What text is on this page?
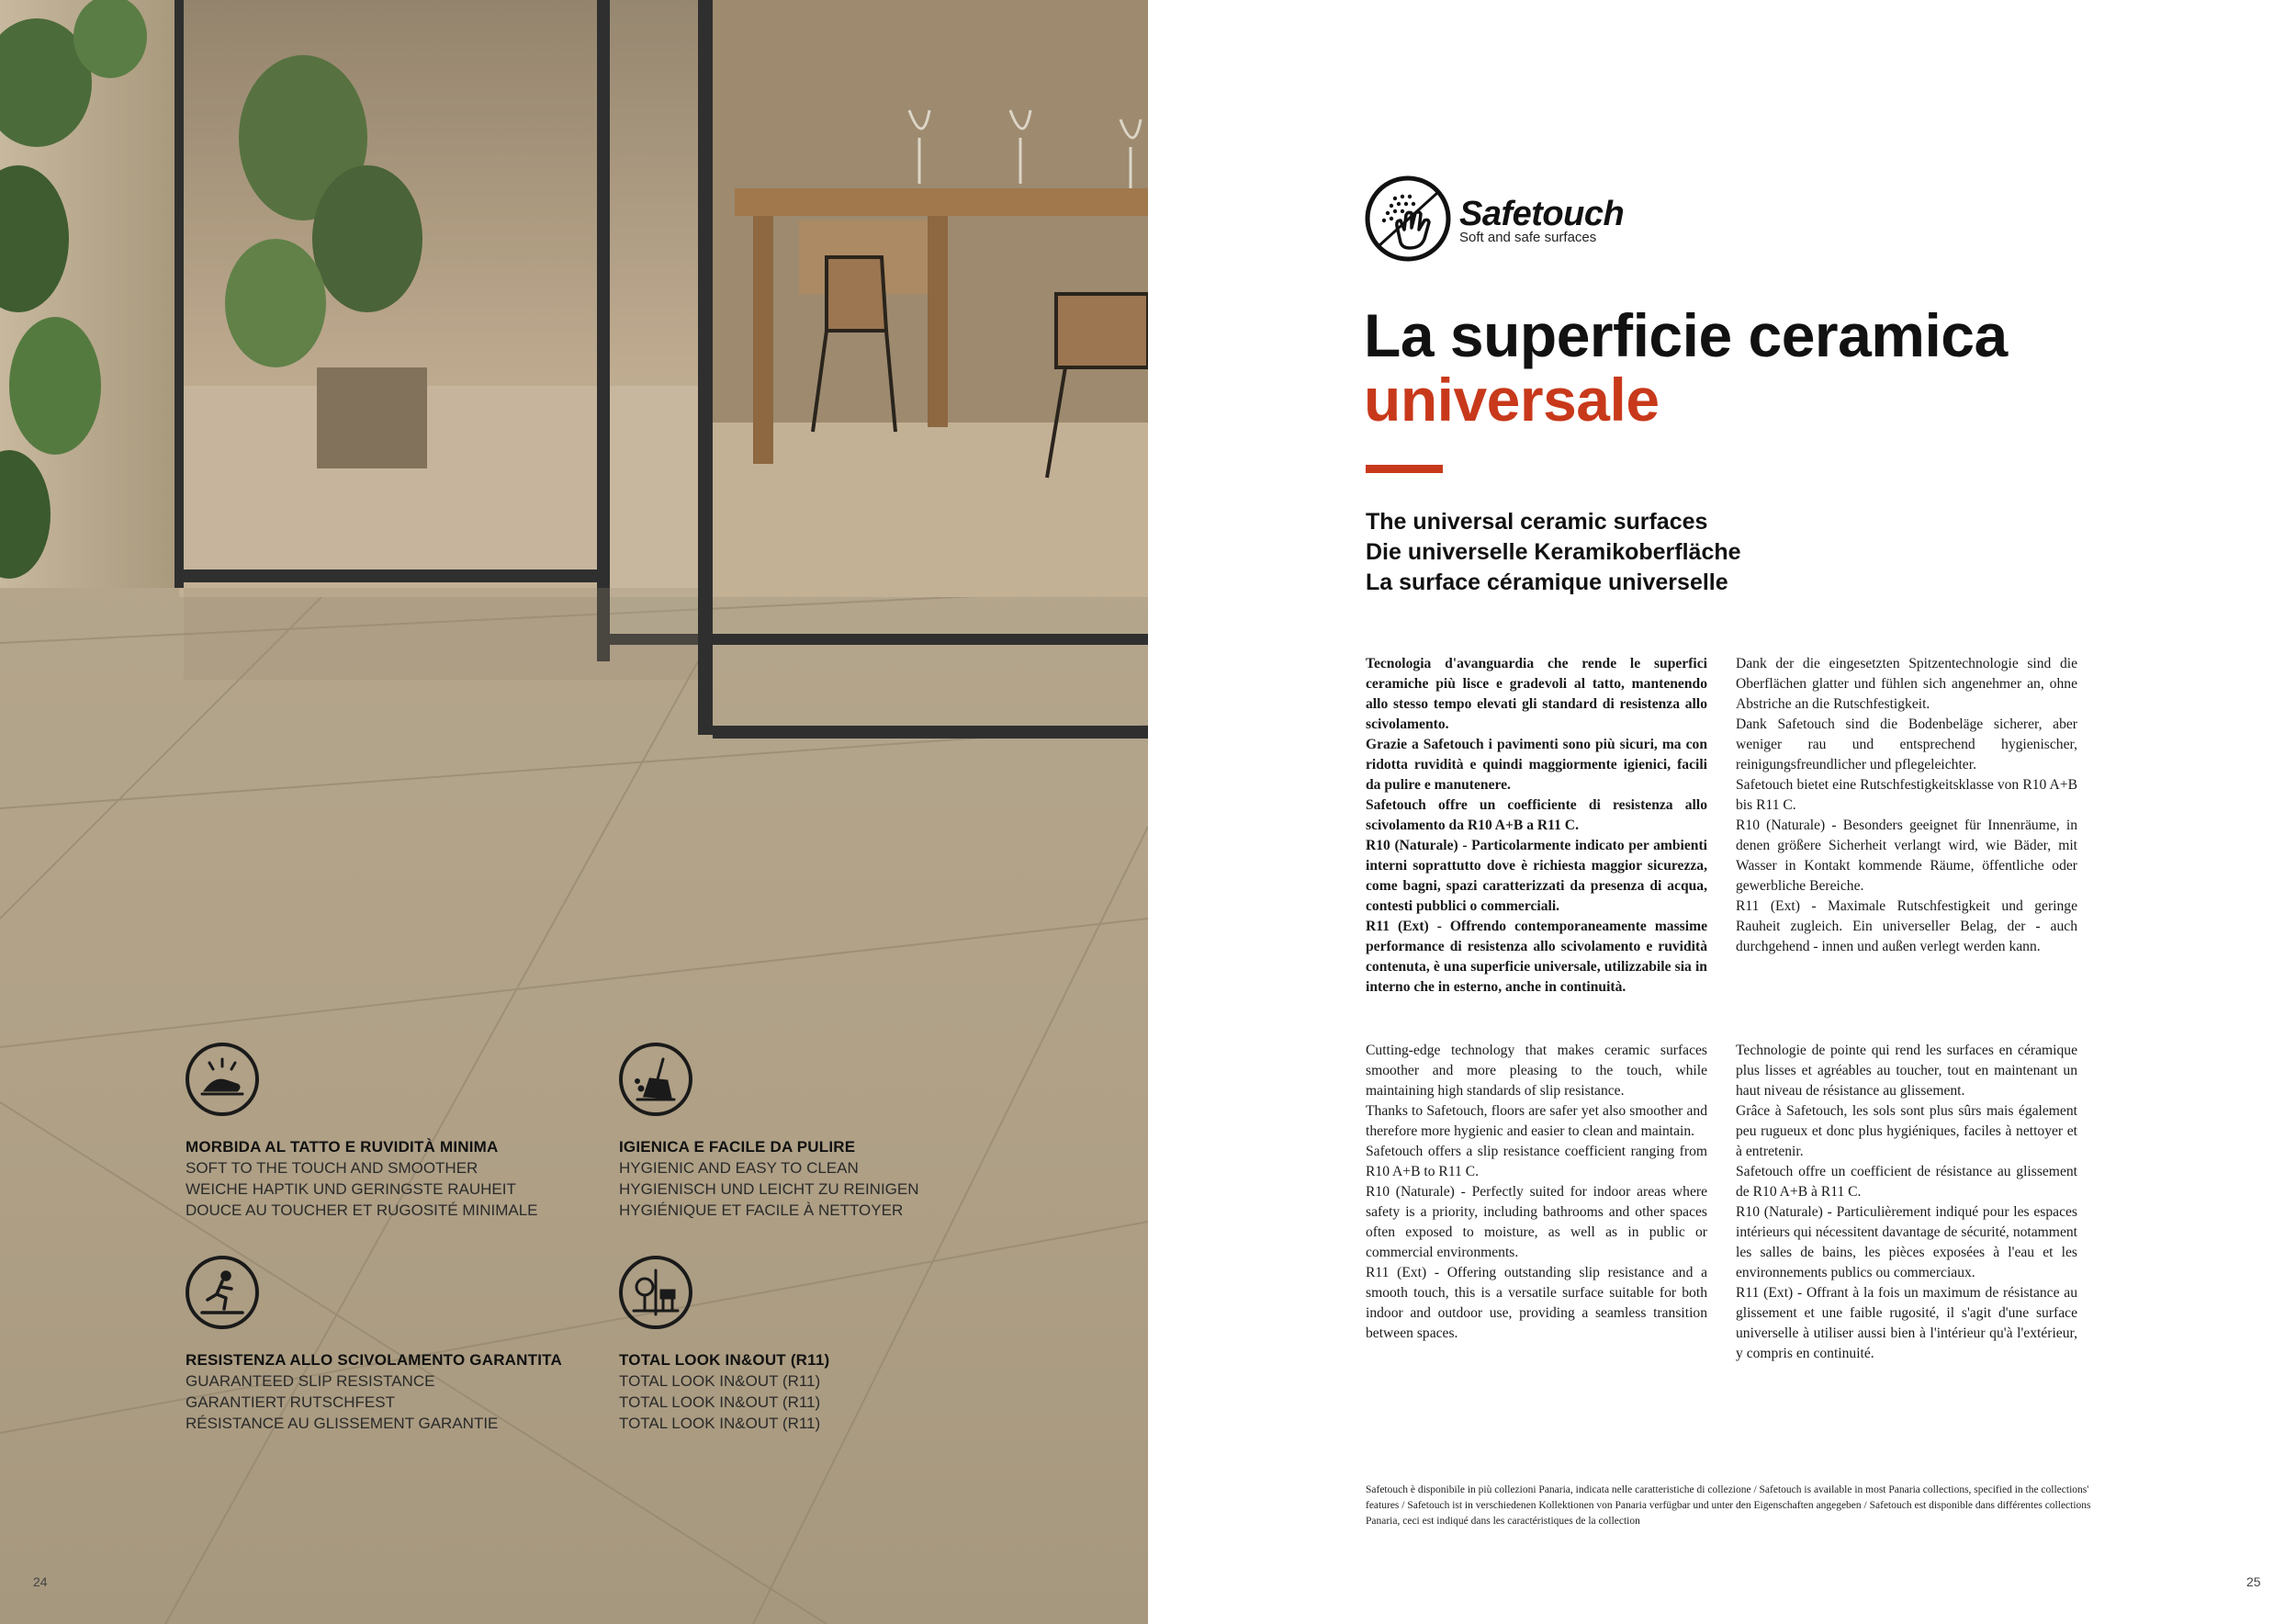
MORBIDA AL TATTO E RUVIDITÀ MINIMA
SOFT TO THE TOUCH AND SMOOTHER
WEICHE HAPTIK UND GERINGSTE RAUHEIT
DOUCE AU TOUCHER ET RUGOSITÉ MINIMALE
IGIENICA E FACILE DA PULIRE
HYGIENIC AND EASY TO CLEAN
HYGIENISCH UND LEICHT ZU REINIGEN
HYGIÉNIQUE ET FACILE À NETTOYER
RESISTENZA ALLO SCIVOLAMENTO GARANTITA
GUARANTEED SLIP RESISTANCE
GARANTIERT RUTSCHFEST
RÉSISTANCE AU GLISSEMENT GARANTIE
TOTAL LOOK IN&OUT (R11)
TOTAL LOOK IN&OUT (R11)
TOTAL LOOK IN&OUT (R11)
TOTAL LOOK IN&OUT (R11)
24
Safetouch
Soft and safe surfaces
La superficie ceramica
universale
The universal ceramic surfaces
Die universelle Keramikoberfläche
La surface céramique universelle

Tecnologia d'avanguardia che rende le superfici ceramiche più lisce e gradevoli al tatto, mantenendo allo stesso tempo elevati gli standard di resistenza allo scivolamento.

Grazie a Safetouch i pavimenti sono più sicuri, ma con ridotta ruvidità e quindi maggiormente igienici, facili da pulire e manutenere.

Safetouch offre un coefficiente di resistenza allo scivolamento da R10 A+B a R11 C.

R10 (Naturale) - Particolarmente indicato per ambienti interni soprattutto dove è richiesta maggior sicurezza, come bagni, spazi caratterizzati da presenza di acqua, contesti pubblici o commerciali.

R11 (Ext) - Offrendo contemporaneamente massime performance di resistenza allo scivolamento e ruvidità contenuta, è una superficie universale, utilizzabile sia in interno che in esterno, anche in continuità.

Dank der die eingesetzten Spitzentechnologie sind die Oberflächen glatter und fühlen sich angenehmer an, ohne Abstriche an die Rutschfestigkeit.

Dank Safetouch sind die Bodenbeläge sicherer, aber weniger rau und entsprechend hygienischer, reinigungsfreundlicher und pflegeleichter.

Safetouch bietet eine Rutschfestigkeitsklasse von R10 A+B bis R11 C.

R10 (Naturale) - Besonders geeignet für Innenräume, in denen größere Sicherheit verlangt wird, wie Bäder, mit Wasser in Kontakt kommende Räume, öffentliche oder gewerbliche Bereiche.

R11 (Ext) - Maximale Rutschfestigkeit und geringe Rauheit zugleich. Ein universeller Belag, der - auch durchgehend - innen und außen verlegt werden kann.

Cutting-edge technology that makes ceramic surfaces smoother and more pleasing to the touch, while maintaining high standards of slip resistance.

Thanks to Safetouch, floors are safer yet also smoother and therefore more hygienic and easier to clean and maintain.

Safetouch offers a slip resistance coefficient ranging from R10 A+B to R11 C.

R10 (Naturale) - Perfectly suited for indoor areas where safety is a priority, including bathrooms and other spaces often exposed to moisture, as well as in public or commercial environments.

R11 (Ext) - Offering outstanding slip resistance and a smooth touch, this is a versatile surface suitable for both indoor and outdoor use, providing a seamless transition between spaces.

Technologie de pointe qui rend les surfaces en céramique plus lisses et agréables au toucher, tout en maintenant un haut niveau de résistance au glissement.

Grâce à Safetouch, les sols sont plus sûrs mais également peu rugueux et donc plus hygiéniques, faciles à nettoyer et à entretenir.

Safetouch offre un coefficient de résistance au glissement de R10 A+B à R11 C.

R10 (Naturale) - Particulièrement indiqué pour les espaces intérieurs qui nécessitent davantage de sécurité, notamment les salles de bains, les pièces exposées à l'eau et les environnements publics ou commerciaux.

R11 (Ext) - Offrant à la fois un maximum de résistance au glissement et une faible rugosité, il s'agit d'une surface universelle à utiliser aussi bien à l'intérieur qu'à l'extérieur, y compris en continuité.

Safetouch è disponibile in più collezioni Panaria, indicata nelle caratteristiche di collezione / Safetouch is available in most Panaria collections, specified in the collections' features / Safetouch ist in verschiedenen Kollektionen von Panaria verfügbar und unter den Eigenschaften angegeben / Safetouch est disponible dans différentes collections Panaria, ceci est indiqué dans les caractéristiques de la collection
25
